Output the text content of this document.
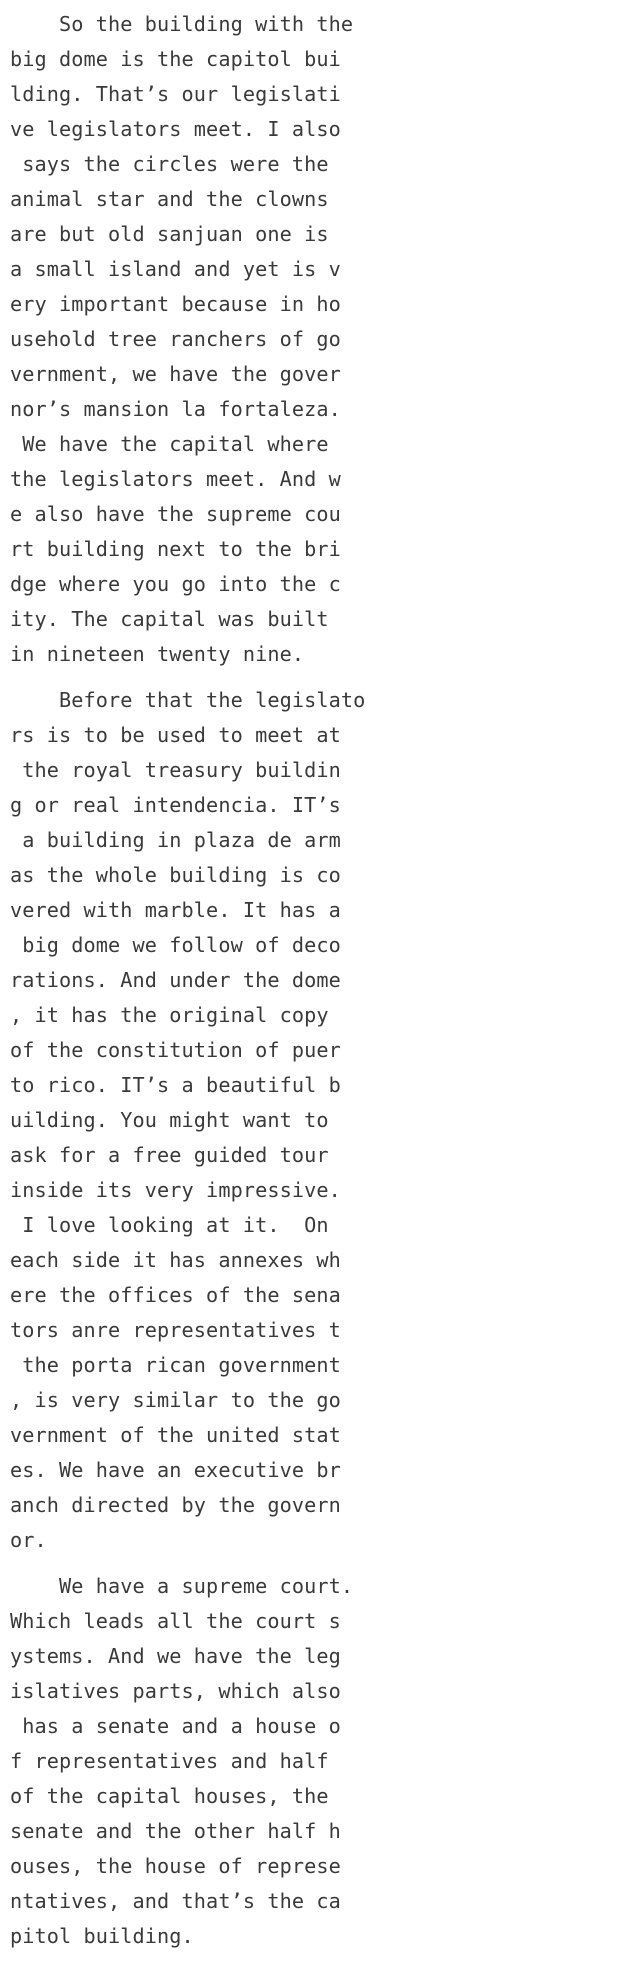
So the building with the
big dome is the capitol bui
lding. That’s our legislati
ve legislators meet. I also
says the circles were the
animal star and the clowns
are but old sanjuan one is
a small island and yet is v
ery important because in ho
usehold tree ranchers of go
vernment, we have the gover
nor’s mansion la fortaleza.
We have the capital where
the legislators meet. And w
e also have the supreme cou
rt building next to the bri
dge where you go into the c
ity. The capital was built
in nineteen twenty nine.
Before that the legislato
rs is to be used to meet at
the royal treasury buildin
g or real intendencia. IT’s
a building in plaza de arm
as the whole building is co
vered with marble. It has a
big dome we follow of deco
rations. And under the dome
, it has the original copy
of the constitution of puer
to rico. IT’s a beautiful b
uilding. You might want to
ask for a free guided tour
inside its very impressive.
I love looking at it.  On
each side it has annexes wh
ere the offices of the sena
tors anre representatives t
the porta rican government
, is very similar to the go
vernment of the united stat
es. We have an executive br
anch directed by the govern
or.
We have a supreme court.
Which leads all the court s
ystems. And we have the leg
islatives parts, which also
has a senate and a house o
f representatives and half
of the capital houses, the
senate and the other half h
ouses, the house of represe
ntatives, and that’s the ca
pitol building.
